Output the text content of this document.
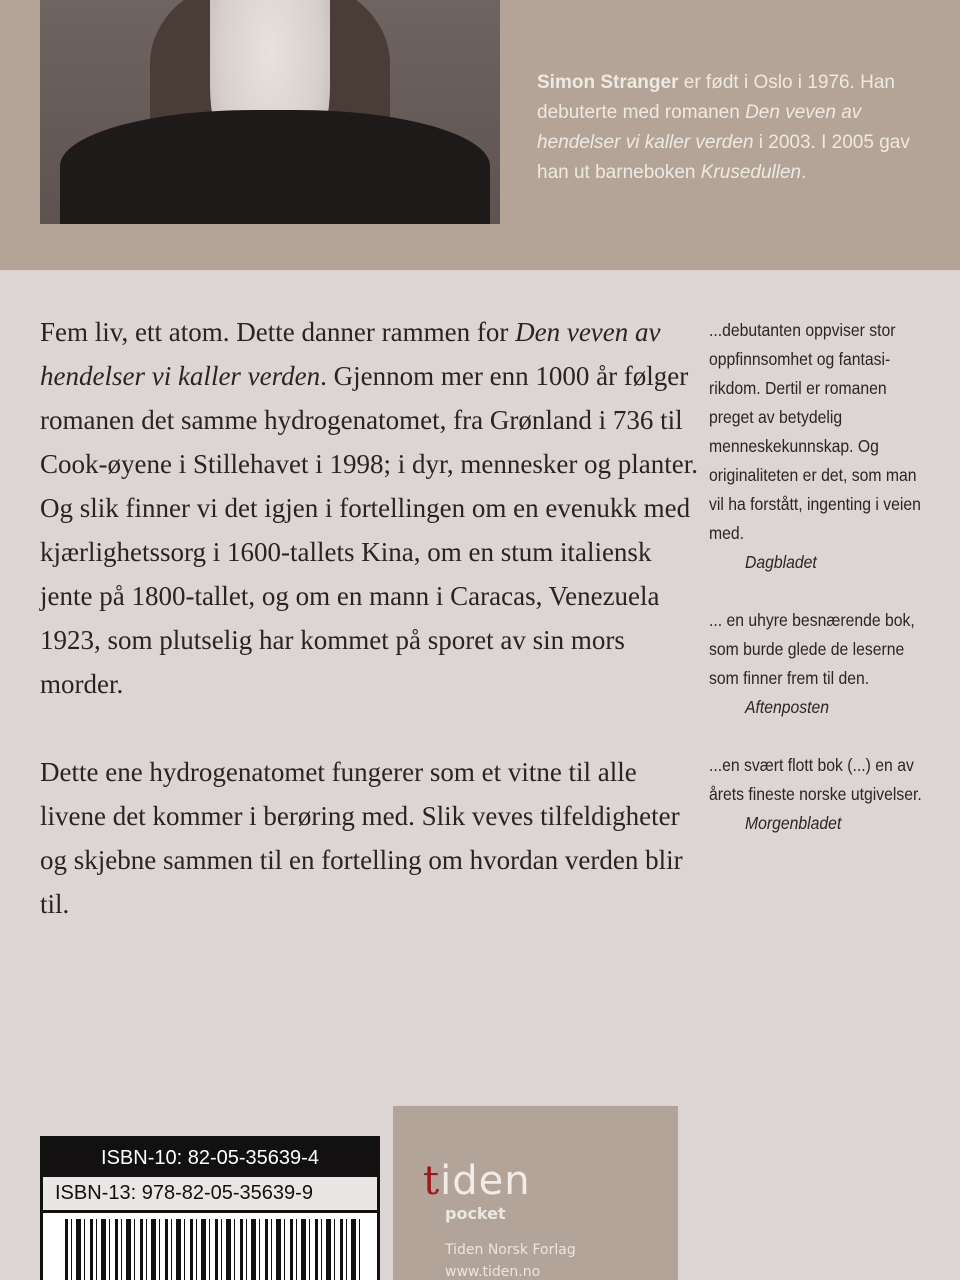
Simon Stranger er født i Oslo i 1976. Han debuterte med romanen Den veven av hendelser vi kaller verden i 2003. I 2005 gav han ut barneboken Krusedullen.

Fem liv, ett atom. Dette danner rammen for Den veven av hendelser vi kaller verden. Gjennom mer enn 1000 år følger romanen det samme hydrogenatomet, fra Grønland i 736 til Cook-øyene i Stillehavet i 1998; i dyr, mennesker og planter. Og slik finner vi det igjen i fortellingen om en evenukk med kjærlighetssorg i 1600-tallets Kina, om en stum italiensk jente på 1800-tallet, og om en mann i Caracas, Venezuela 1923, som plutselig har kommet på sporet av sin mors morder.

Dette ene hydrogenatomet fungerer som et vitne til alle livene det kommer i berøring med. Slik veves tilfeldigheter og skjebne sammen til en fortelling om hvordan verden blir til.

...debutanten oppviser stor oppfinnsomhet og fantasi-rikdom. Dertil er romanen preget av betydelig menneskekunnskap. Og originaliteten er det, som man vil ha forstått, ingenting i veien med.
Dagbladet
... en uhyre besnærende bok, som burde glede de leserne som finner frem til den.
Aftenposten
...en svært flott bok (...) en av årets fineste norske utgivelser.
Morgenbladet
ISBN-10: 82-05-35639-4
ISBN-13: 978-82-05-35639-9	tiden
pocket
Tiden Norsk Forlag
www.tiden.no
